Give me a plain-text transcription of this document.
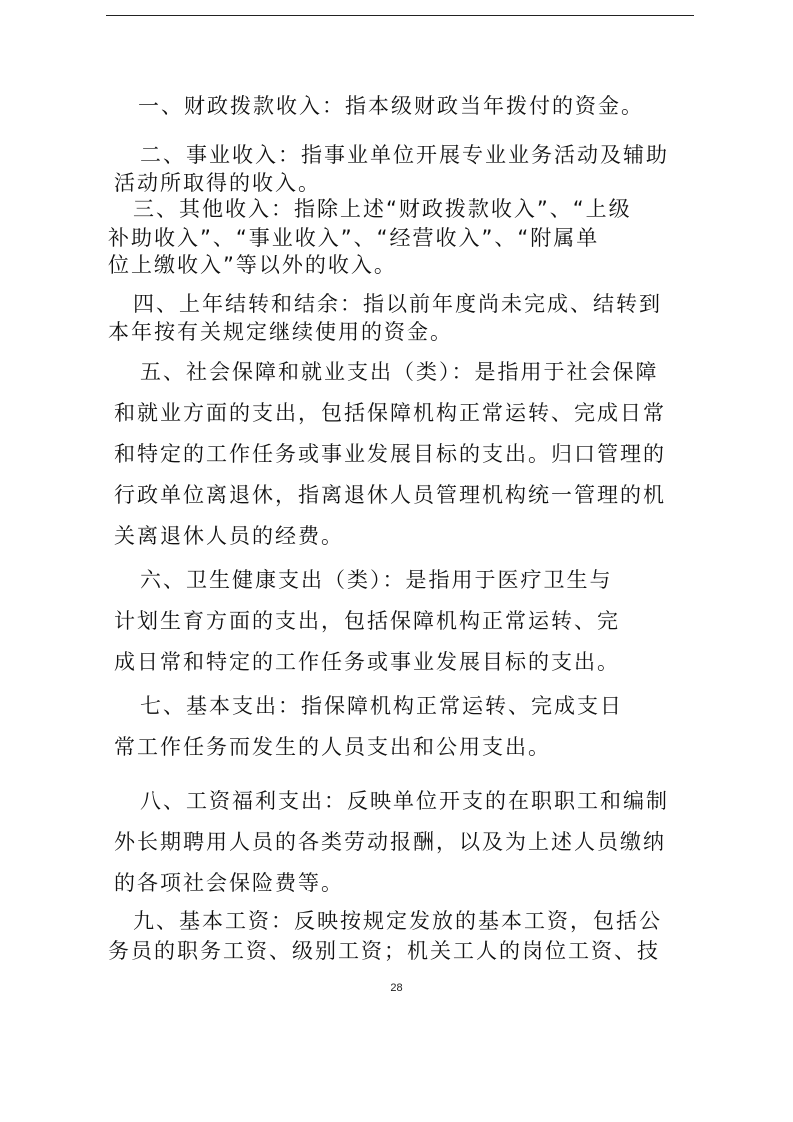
一、财政拨款收入：指本级财政当年拨付的资金。
二、事业收入：指事业单位开展专业业务活动及辅助
活动所取得的收入。
三、其他收入：指除上述“财政拨款收入”、“上级
补助收入”、“事业收入”、“经营收入”、“附属单
位上缴收入”等以外的收入。
四、上年结转和结余：指以前年度尚未完成、结转到
本年按有关规定继续使用的资金。
五、社会保障和就业支出（类）：是指用于社会保障
和就业方面的支出，包括保障机构正常运转、完成日常
和特定的工作任务或事业发展目标的支出。归口管理的
行政单位离退休，指离退休人员管理机构统一管理的机
关离退休人员的经费。
六、卫生健康支出（类）：是指用于医疗卫生与
计划生育方面的支出，包括保障机构正常运转、完
成日常和特定的工作任务或事业发展目标的支出。
七、基本支出：指保障机构正常运转、完成支日
常工作任务而发生的人员支出和公用支出。
八、工资福利支出：反映单位开支的在职职工和编制
外长期聘用人员的各类劳动报酬，以及为上述人员缴纳
的各项社会保险费等。
九、基本工资：反映按规定发放的基本工资，包括公
务员的职务工资、级别工资；机关工人的岗位工资、技
28
